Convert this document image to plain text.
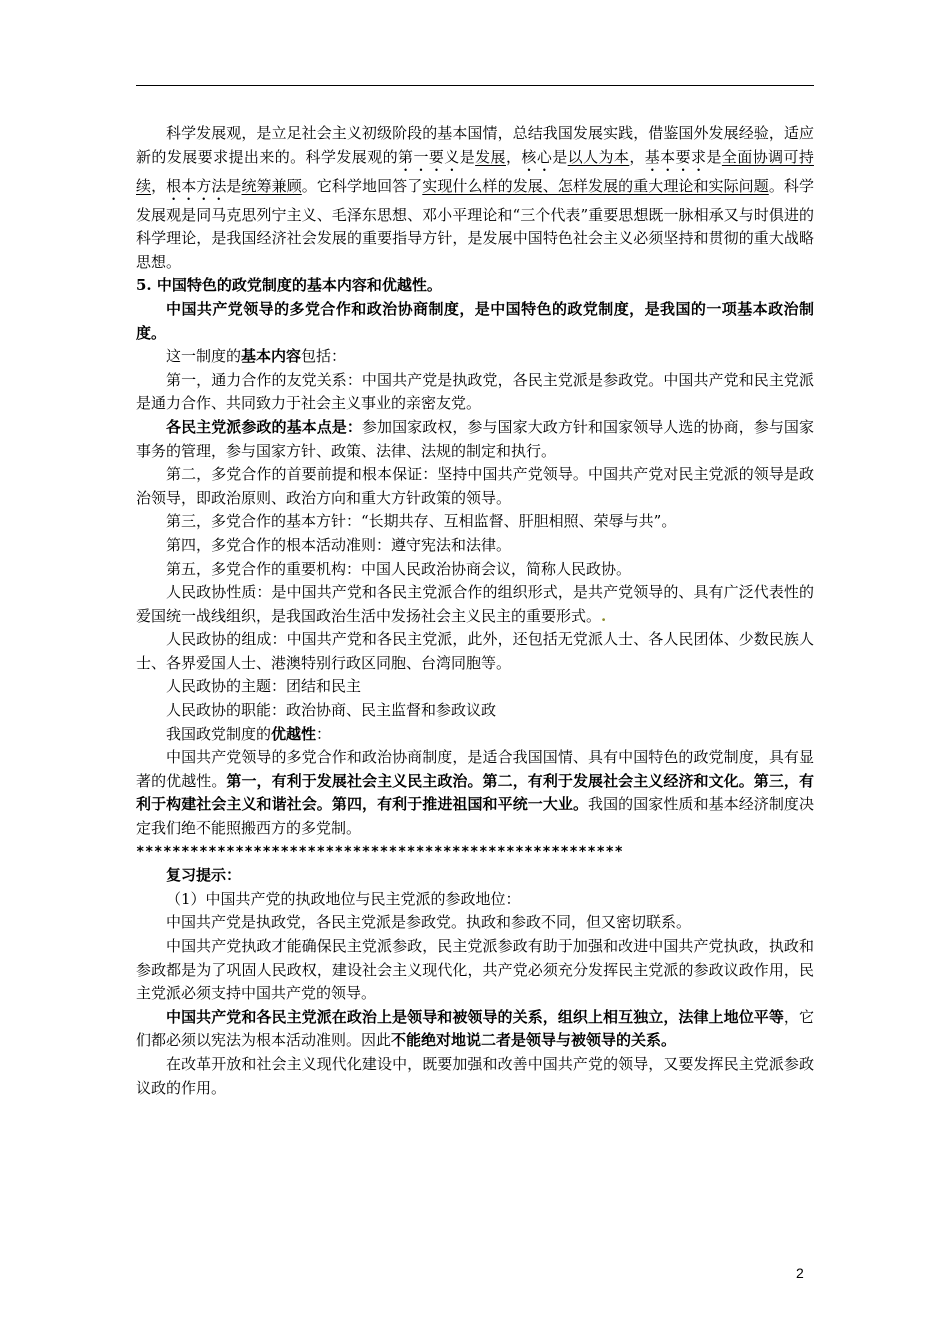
科学发展观，是立足社会主义初级阶段的基本国情，总结我国发展实践，借鉴国外发展经验，适应新的发展要求提出来的。科学发展观的第一要义是发展，核心是以人为本，基本要求是全面协调可持续，根本方法是统筹兼顾。它科学地回答了实现什么样的发展、怎样发展的重大理论和实际问题。科学发展观是同马克思列宁主义、毛泽东思想、邓小平理论和“三个代表”重要思想既一脉相承又与时俱进的科学理论，是我国经济社会发展的重要指导方针，是发展中国特色社会主义必须坚持和贯彻的重大战略思想。

5. 中国特色的政党制度的基本内容和优越性。

中国共产党领导的多党合作和政治协商制度，是中国特色的政党制度，是我国的一项基本政治制度。

这一制度的基本内容包括：

第一，通力合作的友党关系：中国共产党是执政党，各民主党派是参政党。中国共产党和民主党派是通力合作、共同致力于社会主义事业的亲密友党。

各民主党派参政的基本点是：参加国家政权，参与国家大政方针和国家领导人选的协商，参与国家事务的管理，参与国家方针、政策、法律、法规的制定和执行。

第二，多党合作的首要前提和根本保证：坚持中国共产党领导。中国共产党对民主党派的领导是政治领导，即政治原则、政治方向和重大方针政策的领导。

第三，多党合作的基本方针：“长期共存、互相监督、肝胆相照、荣辱与共”。

第四，多党合作的根本活动准则：遵守宪法和法律。

第五，多党合作的重要机构：中国人民政治协商会议，简称人民政协。

人民政协性质：是中国共产党和各民主党派合作的组织形式，是共产党领导的、具有广泛代表性的爱国统一战线组织，是我国政治生活中发扬社会主义民主的重要形式。.

人民政协的组成：中国共产党和各民主党派，此外，还包括无党派人士、各人民团体、少数民族人士、各界爱国人士、港澳特别行政区同胞、台湾同胞等。

人民政协的主题：团结和民主

人民政协的职能：政治协商、民主监督和参政议政

我国政党制度的优越性：

中国共产党领导的多党合作和政治协商制度，是适合我国国情、具有中国特色的政党制度，具有显著的优越性。第一，有利于发展社会主义民主政治。第二，有利于发展社会主义经济和文化。第三，有利于构建社会主义和谐社会。第四，有利于推进祖国和平统一大业。我国的国家性质和基本经济制度决定我们绝不能照搬西方的多党制。

******************************************************

复习提示：

（1）中国共产党的执政地位与民主党派的参政地位：

中国共产党是执政党，各民主党派是参政党。执政和参政不同，但又密切联系。

中国共产党执政才能确保民主党派参政，民主党派参政有助于加强和改进中国共产党执政，执政和参政都是为了巩固人民政权，建设社会主义现代化，共产党必须充分发挥民主党派的参政议政作用，民主党派必须支持中国共产党的领导。

中国共产党和各民主党派在政治上是领导和被领导的关系，组织上相互独立，法律上地位平等，它们都必须以宪法为根本活动准则。因此不能绝对地说二者是领导与被领导的关系。

在改革开放和社会主义现代化建设中，既要加强和改善中国共产党的领导，又要发挥民主党派参政议政的作用。

2
